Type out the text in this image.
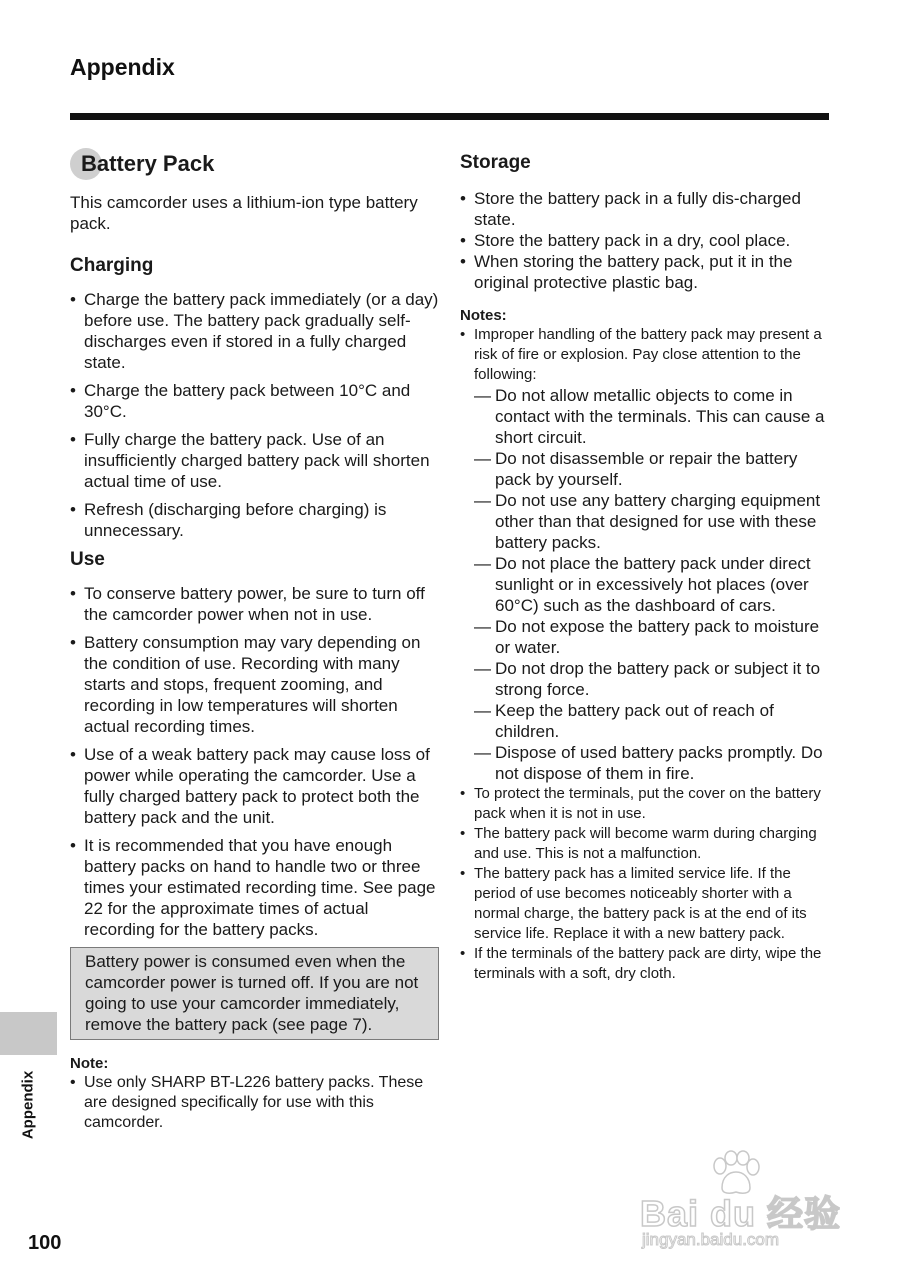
Appendix
Battery Pack

This camcorder uses a lithium-ion type battery pack.

Charging
• Charge the battery pack immediately (or a day) before use. The battery pack gradually self-discharges even if stored in a fully charged state.
• Charge the battery pack between 10°C and 30°C.
• Fully charge the battery pack. Use of an insufficiently charged battery pack will shorten actual time of use.
• Refresh (discharging before charging) is unnecessary.
Use
• To conserve battery power, be sure to turn off the camcorder power when not in use.
• Battery consumption may vary depending on the condition of use. Recording with many starts and stops, frequent zooming, and recording in low temperatures will shorten actual recording times.
• Use of a weak battery pack may cause loss of power while operating the camcorder. Use a fully charged battery pack to protect both the battery pack and the unit.
• It is recommended that you have enough battery packs on hand to handle two or three times your estimated recording time. See page 22 for the approximate times of actual recording for the battery packs.
Battery power is consumed even when the camcorder power is turned off. If you are not going to use your camcorder immediately, remove the battery pack (see page 7).

Note:

• Use only SHARP BT-L226 battery packs. These are designed specifically for use with this camcorder.
Storage
• Store the battery pack in a fully dis-charged state.
• Store the battery pack in a dry, cool place.
• When storing the battery pack, put it in the original protective plastic bag.

Notes:

• Improper handling of the battery pack may present a risk of fire or explosion. Pay close attention to the following:
— Do not allow metallic objects to come in contact with the terminals. This can cause a short circuit.
— Do not disassemble or repair the battery pack by yourself.
— Do not use any battery charging equipment other than that designed for use with these battery packs.
— Do not place the battery pack under direct sunlight or in excessively hot places (over 60°C) such as the dashboard of cars.
— Do not expose the battery pack to moisture or water.
— Do not drop the battery pack or subject it to strong force.
— Keep the battery pack out of reach of children.
— Dispose of used battery packs promptly. Do not dispose of them in fire.
• To protect the terminals, put the cover on the battery pack when it is not in use.
• The battery pack will become warm during charging and use. This is not a malfunction.
• The battery pack has a limited service life. If the period of use becomes noticeably shorter with a normal charge, the battery pack is at the end of its service life. Replace it with a new battery pack.
• If the terminals of the battery pack are dirty, wipe the terminals with a soft, dry cloth.
Appendix
100
Bai du 经验
jingyan.baidu.com
